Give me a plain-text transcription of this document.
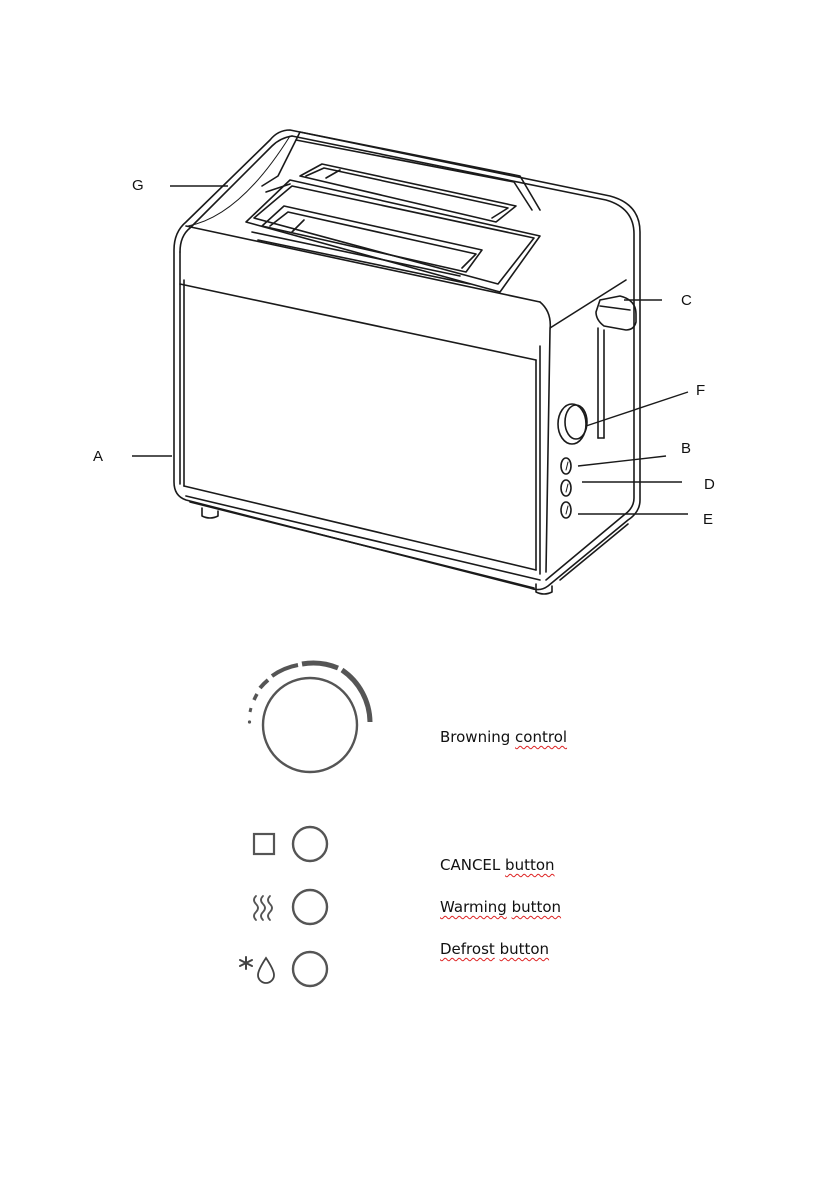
G
A
C
F
B
D
E
Browning control
CANCEL button
Warming button
Defrost button
